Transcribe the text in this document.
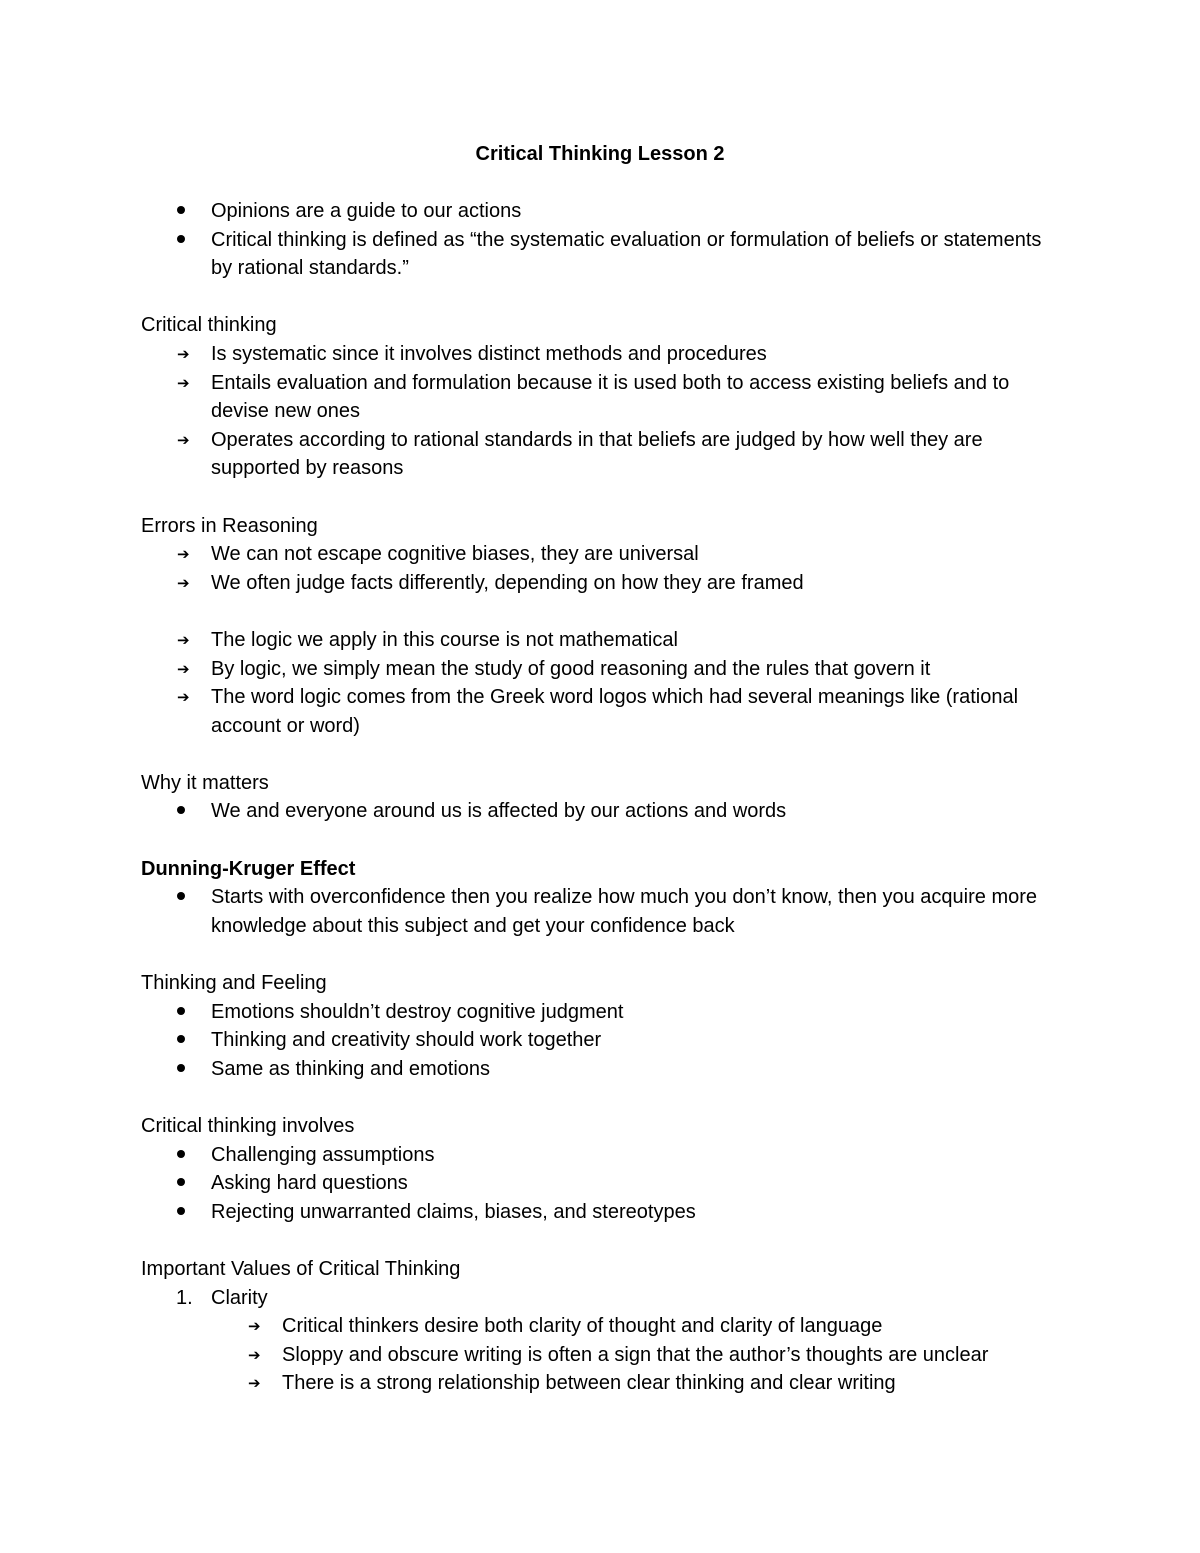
Critical Thinking Lesson 2
Opinions are a guide to our actions
Critical thinking is defined as “the systematic evaluation or formulation of beliefs or statements by rational standards.”

Critical thinking

➔	Is systematic since it involves distinct methods and procedures
➔	Entails evaluation and formulation because it is used both to access existing beliefs and to devise new ones
➔	Operates according to rational standards in that beliefs are judged by how well they are supported by reasons

Errors in Reasoning

➔	We can not escape cognitive biases, they are universal
➔	We often judge facts differently, depending on how they are framed
➔	The logic we apply in this course is not mathematical
➔	By logic, we simply mean the study of good reasoning and the rules that govern it
➔	The word logic comes from the Greek word logos which had several meanings like (rational account or word)

Why it matters

We and everyone around us is affected by our actions and words

Dunning-Kruger Effect

Starts with overconfidence then you realize how much you don’t know, then you acquire more knowledge about this subject and get your confidence back

Thinking and Feeling

Emotions shouldn’t destroy cognitive judgment
Thinking and creativity should work together
Same as thinking and emotions

Critical thinking involves

Challenging assumptions
Asking hard questions
Rejecting unwarranted claims, biases, and stereotypes

Important Values of Critical Thinking

1. Clarity
➔	Critical thinkers desire both clarity of thought and clarity of language
➔	Sloppy and obscure writing is often a sign that the author’s thoughts are unclear
➔	There is a strong relationship between clear thinking and clear writing
